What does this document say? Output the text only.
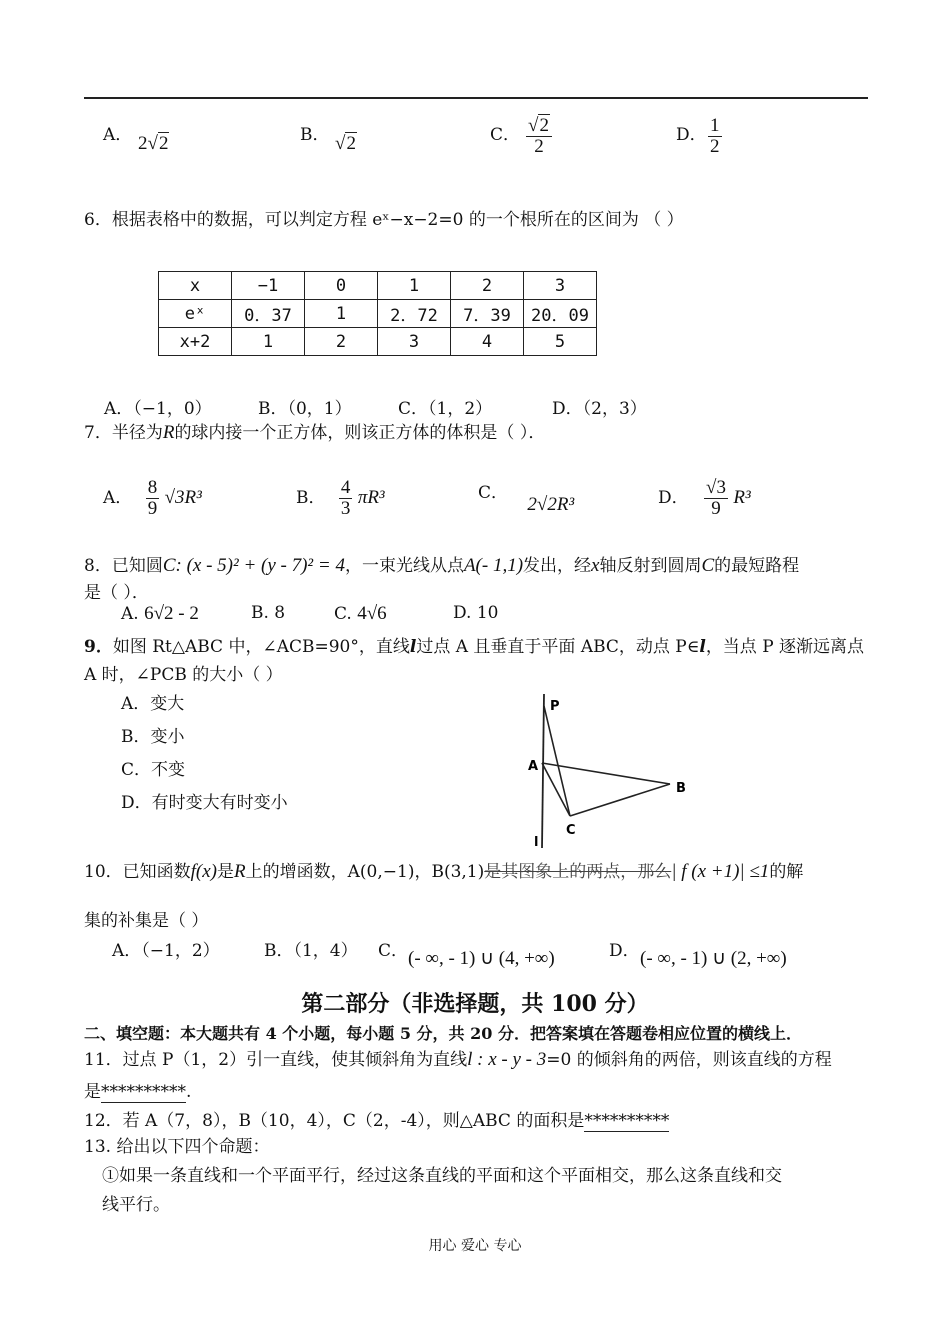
A． 2√2	B． √2	C． $\frac{√2}{2}$	D． $\frac{1}{2}$
6．根据表格中的数据，可以判定方程 eˣ−x−2=0 的一个根所在的区间为 （ ）
x	−1	0	1	2	3
eˣ	0．37	1	2．72	7．39	20．09
x+2	1	2	3	4	5
A．（−1，0）	B．（0，1）	C．（1，2）	D．（2，3）
7．半径为R的球内接一个正方体，则该正方体的体积是（ ）．
A． $\frac{8}{9} √3R^3$	B． $\frac{4}{3} \pi R^3$	C． 2√2R³	D． $\frac{√3}{9} R^3$
8．已知圆C: (x - 5)² + (y - 7)² = 4，一束光线从点A(- 1,1)发出，经x轴反射到圆周C的最短路程
是（ ）．
A. 6√2 - 2	B. 8	C. 4√6	D. 10
9．如图 Rt△ABC 中，∠ACB=90°，直线l过点 A 且垂直于平面 ABC，动点 P∈l，当点 P 逐渐远离点
A 时，∠PCB 的大小（ ）
A．变大
B．变小
C．不变
D．有时变大有时变小
P
A
B
C
l
10．已知函数f(x)是R上的增函数，A(0,−1)，B(3,1)是其图象上的两点，那么| f (x +1)| ≤1的解
集的补集是（ ）
A．（−1，2）	B．（1，4） C． (- ∞, - 1) ∪ (4, +∞)	D． (- ∞, - 1) ∪ (2, +∞)
第二部分（非选择题，共 100 分）
二、填空题：本大题共有 4 个小题，每小题 5 分，共 20 分．把答案填在答题卷相应位置的横线上．
11．过点 P（1，2）引一直线，使其倾斜角为直线l : x - y - 3=0 的倾斜角的两倍，则该直线的方程
是**********.
12．若 A（7，8），B（10，4），C（2，-4），则△ABC 的面积是**********
13. 给出以下四个命题：
①如果一条直线和一个平面平行，经过这条直线的平面和这个平面相交，那么这条直线和交
线平行。
用心 爱心 专心
